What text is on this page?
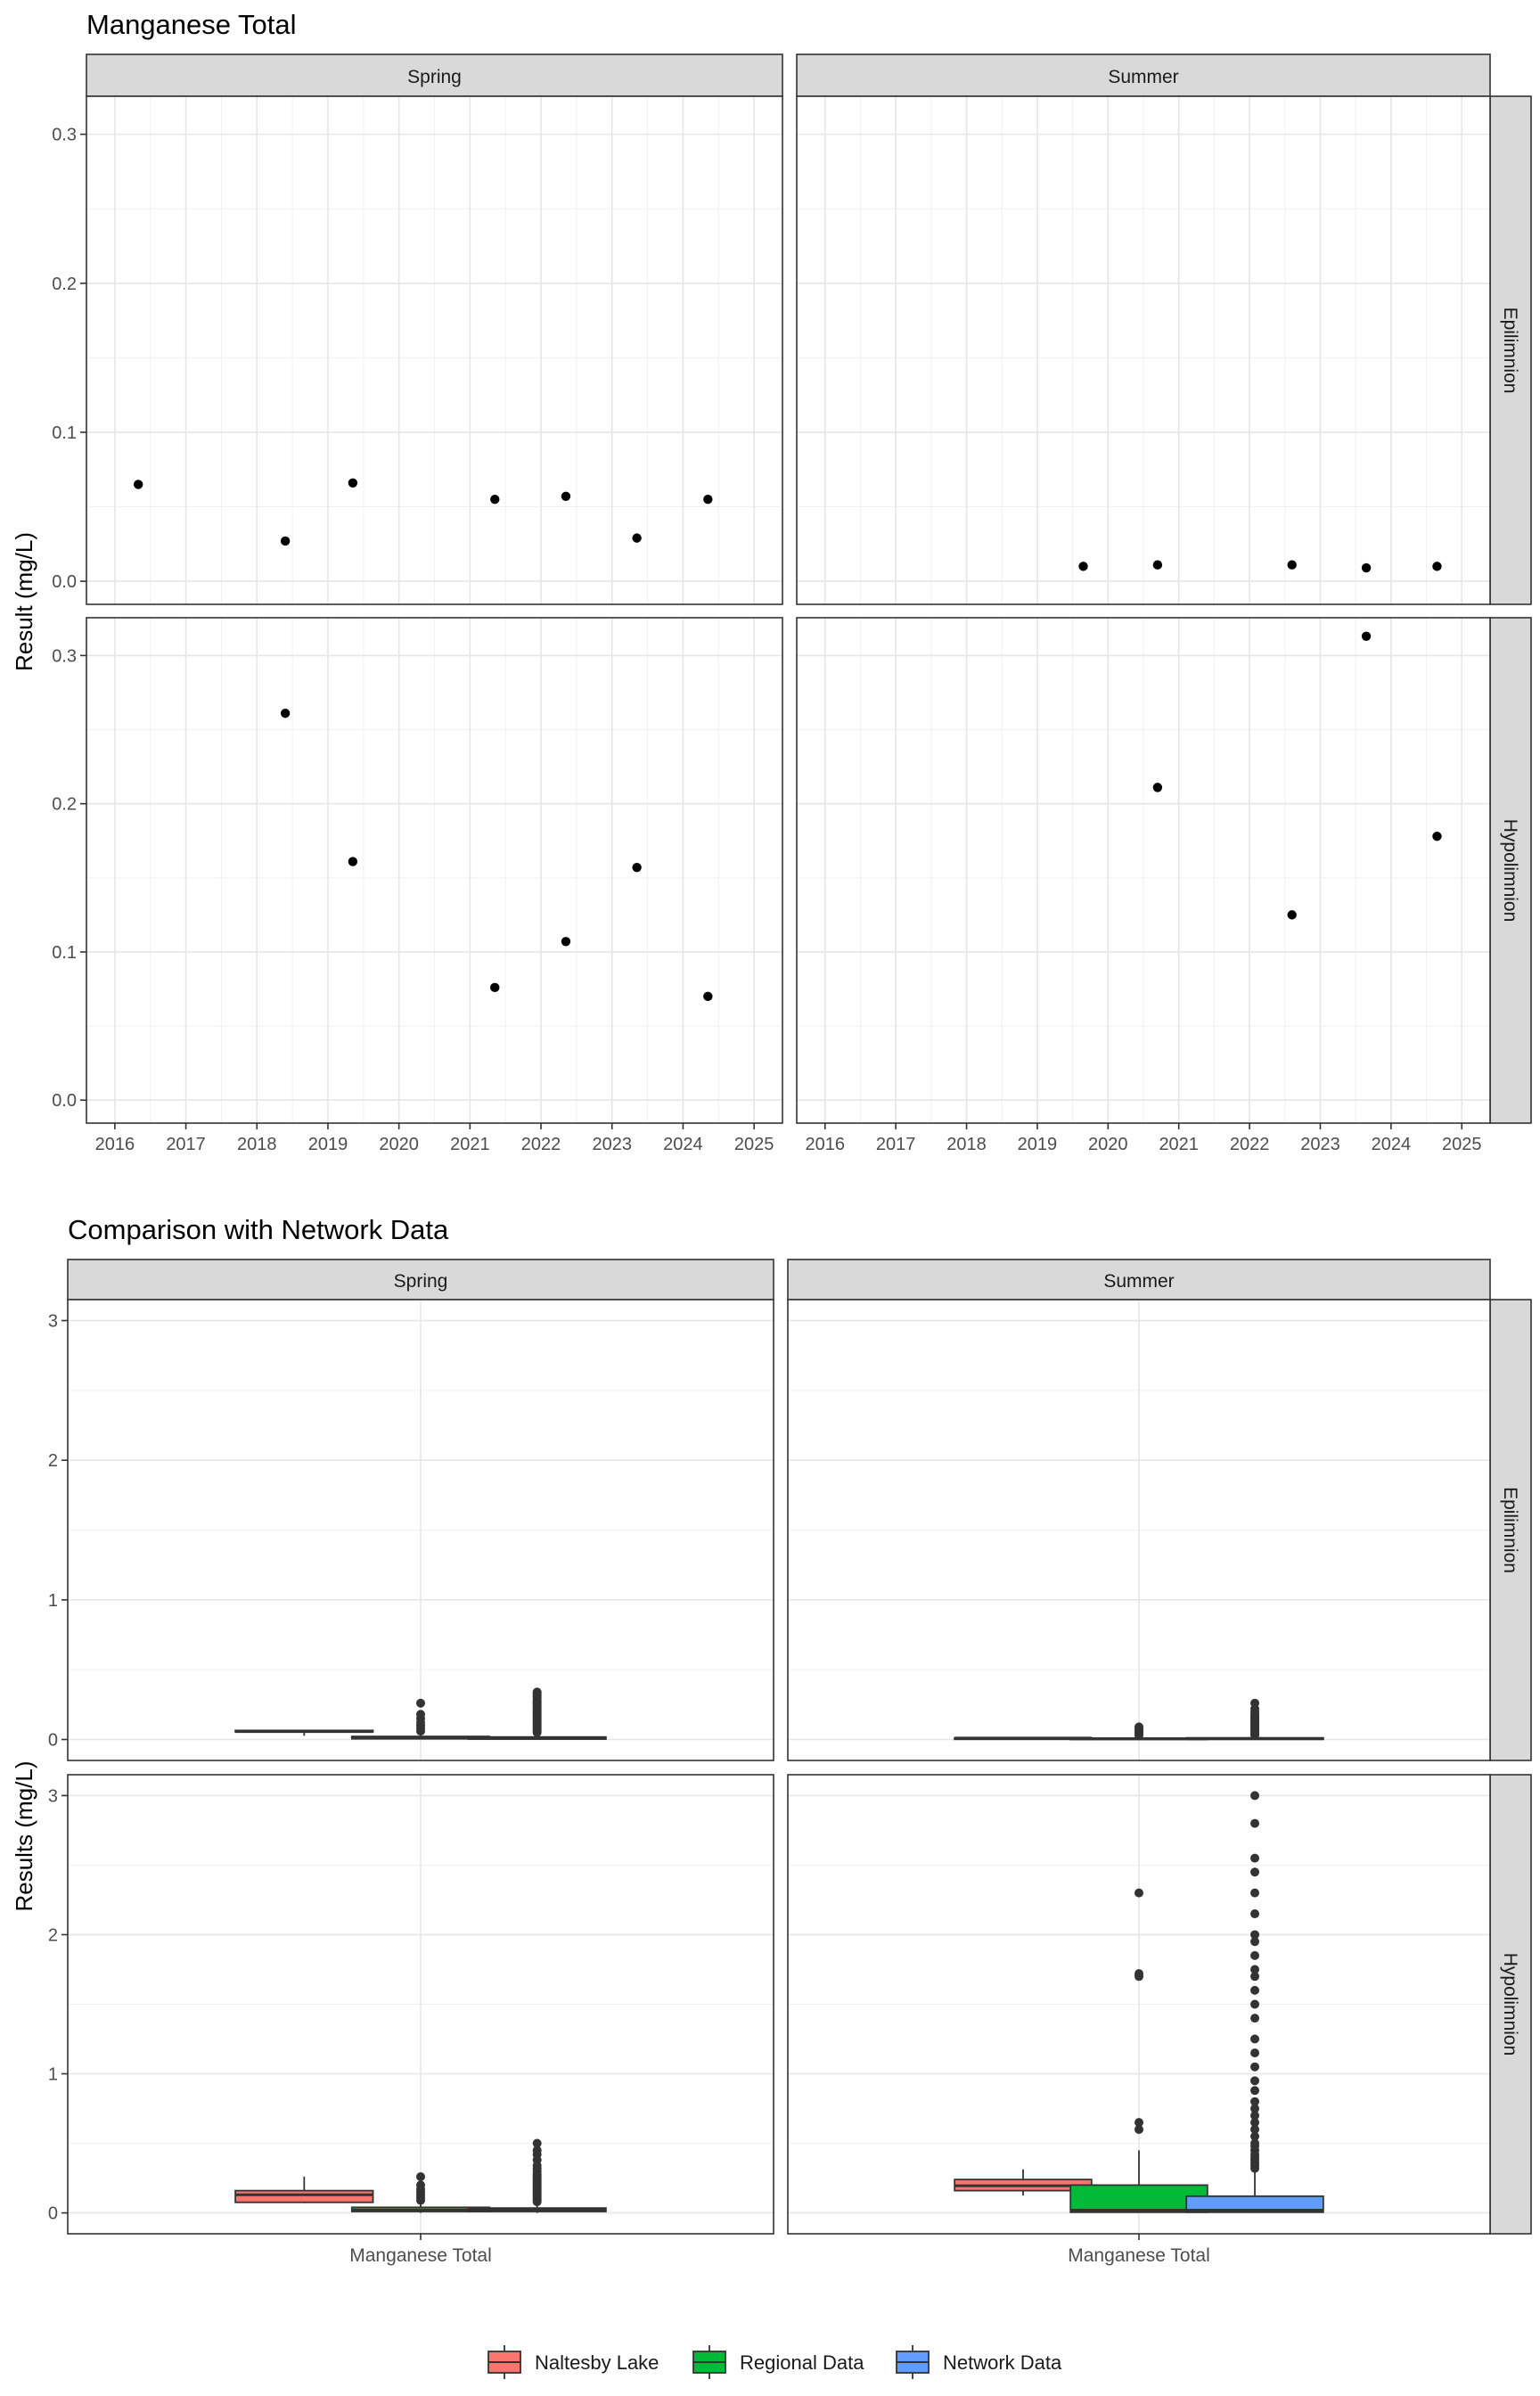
Manganese Total
Result (mg/L)
Spring	Summer
Epilimnion
Hypolimnion
0.0
0.1
0.2
0.3
0.0
0.1
0.2
0.3
2016 2017 2018 2019 2020 2021 2022 2023 2024 2025 2016 2017 2018 2019 2020 2021 2022 2023 2024 2025
Comparison with Network Data
Results (mg/L)
Spring	Summer
Epilimnion
Hypolimnion
0
1
2
3
0
1
2
3
Manganese Total	Manganese Total
Naltesby Lake	Regional Data	Network Data
